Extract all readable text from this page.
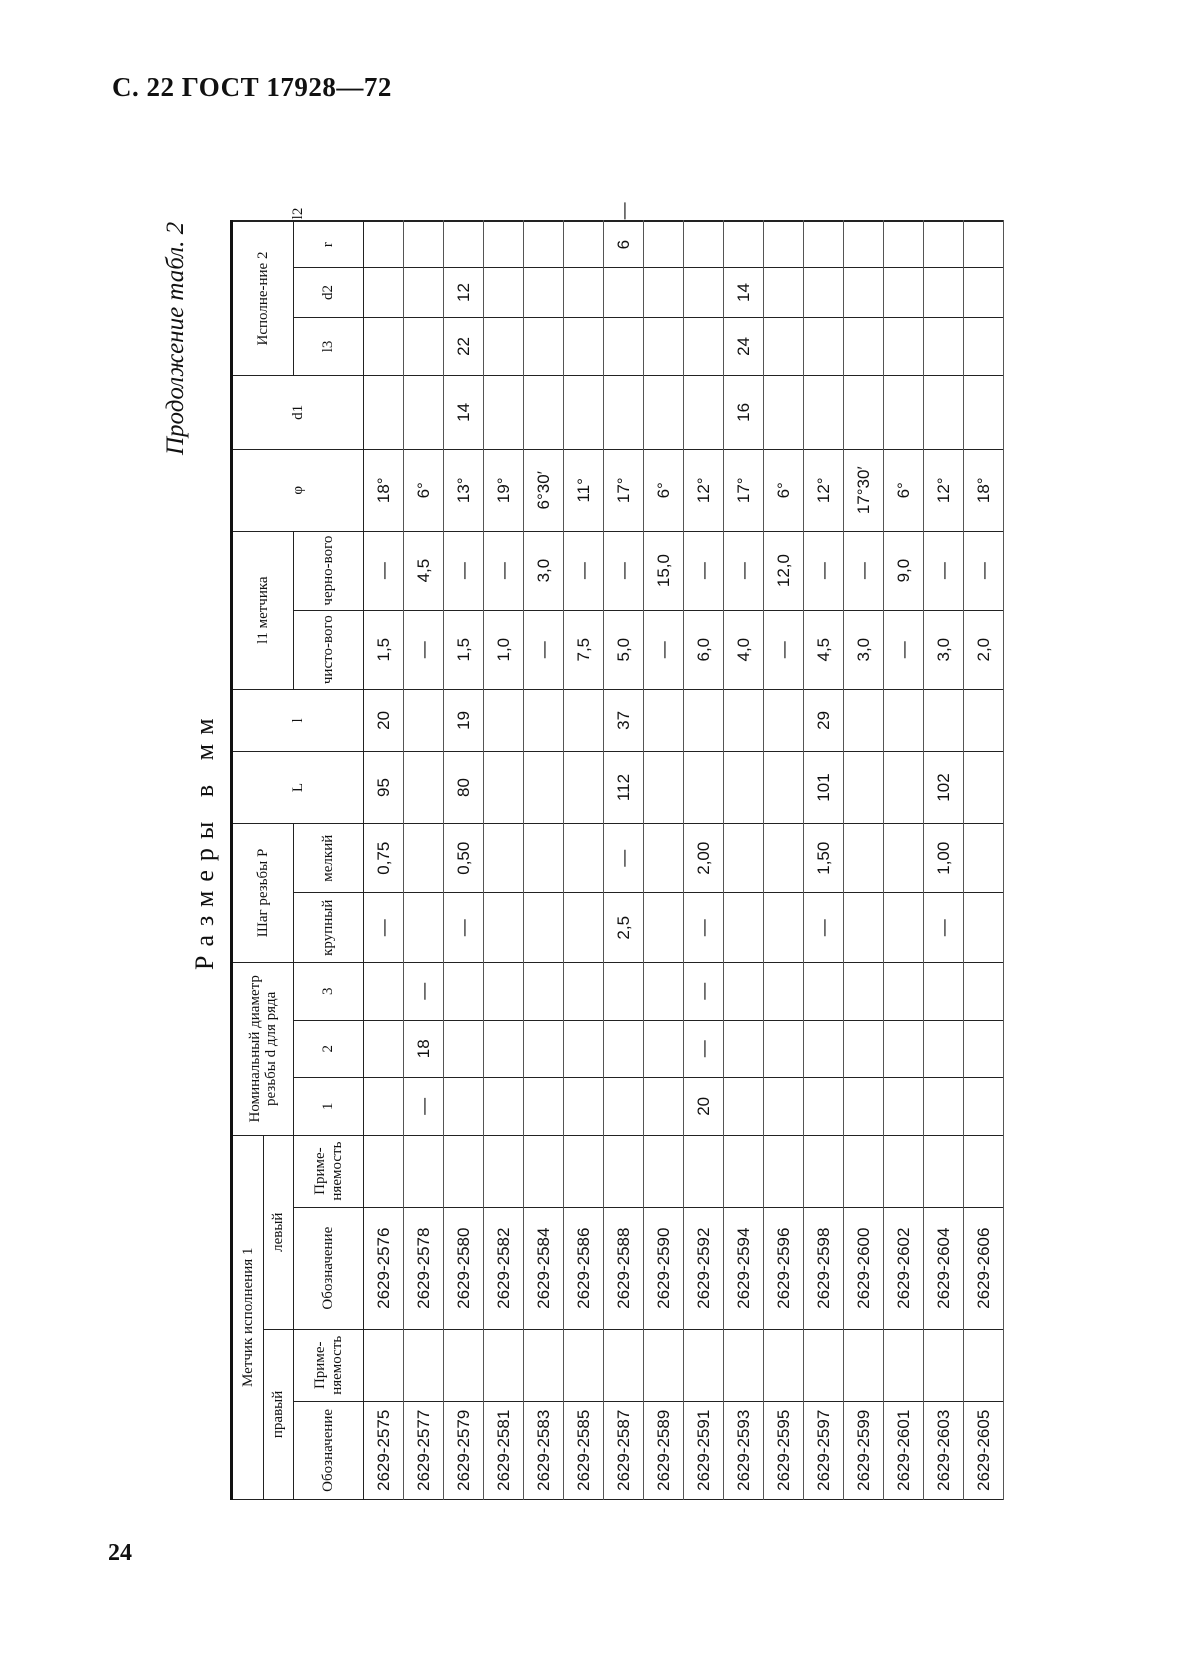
С. 22 ГОСТ 17928—72
Продолжение табл. 2
Размеры в мм
Метчик исполнения 1				Номинальный диаметр резьбы d для ряда			Шаг резьбы P		L	l	l1 метчика		φ	d1	Исполне-ние 2			l2
правый		левый																
Обозначение	Примe- няемость	Обозначение	Примe- няемость	1	2	3	крупный	мелкий			чисто-вого	черно-вого			l3	d2	r	
2629-2575		2629-2576					—	0,75	95	20	1,5	—	18°					
2629-2577		2629-2578		—	18	—					—	4,5	6°					
2629-2579		2629-2580					—	0,50	80	19	1,5	—	13°	14	22	12		
2629-2581		2629-2582									1,0	—	19°					
2629-2583		2629-2584									—	3,0	6°30′					
2629-2585		2629-2586									7,5	—	11°					
2629-2587		2629-2588					2,5	—	112	37	5,0	—	17°				6	—
2629-2589		2629-2590									—	15,0	6°					
2629-2591		2629-2592		20	—	—	—	2,00			6,0	—	12°					
2629-2593		2629-2594									4,0	—	17°	16	24	14		
2629-2595		2629-2596									—	12,0	6°					
2629-2597		2629-2598					—	1,50	101	29	4,5	—	12°					
2629-2599		2629-2600									3,0	—	17°30′					
2629-2601		2629-2602									—	9,0	6°					
2629-2603		2629-2604					—	1,00	102		3,0	—	12°					
2629-2605		2629-2606									2,0	—	18°					
24
